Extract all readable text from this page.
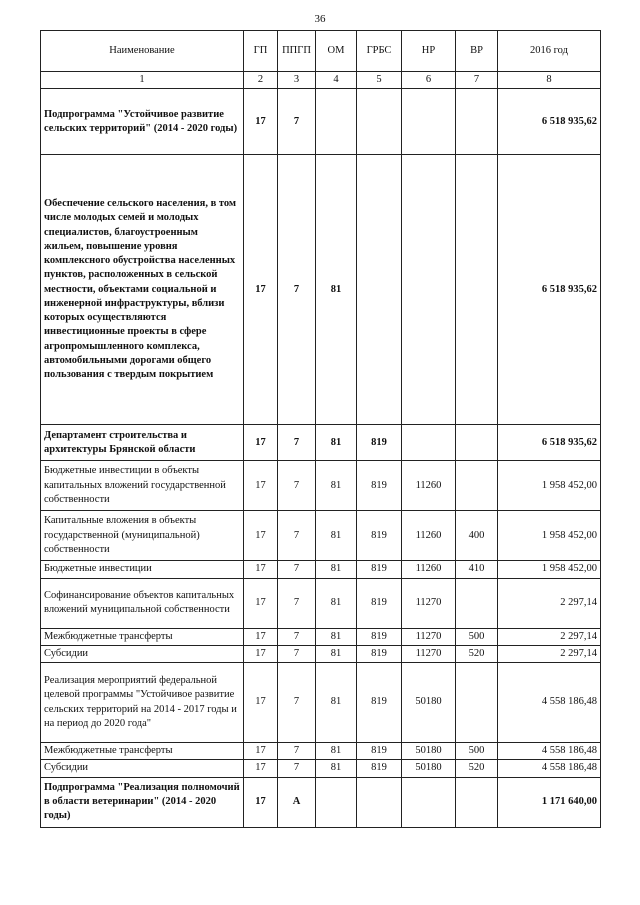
36
Наименование	ГП	ППГП	ОМ	ГРБС	НР	ВР	2016 год
1	2	3	4	5	6	7	8
Подпрограмма "Устойчивое развитие сельских территорий" (2014 - 2020 годы)	17	7					6 518 935,62
Обеспечение сельского населения, в том числе молодых семей и молодых специалистов, благоустроенным жильем, повышение уровня комплексного обустройства населенных пунктов, расположенных в сельской местности, объектами социальной и инженерной инфраструктуры, вблизи которых осуществляются инвестиционные проекты в сфере агропромышленного комплекса, автомобильными дорогами общего пользования с твердым покрытием	17	7	81				6 518 935,62
Департамент строительства и архитектуры Брянской области	17	7	81	819			6 518 935,62
Бюджетные инвестиции в объекты капитальных вложений государственной собственности	17	7	81	819	11260		1 958 452,00
Капитальные вложения в объекты государственной (муниципальной) собственности	17	7	81	819	11260	400	1 958 452,00
Бюджетные инвестиции	17	7	81	819	11260	410	1 958 452,00
Софинансирование объектов капитальных вложений муниципальной собственности	17	7	81	819	11270		2 297,14
Межбюджетные трансферты	17	7	81	819	11270	500	2 297,14
Субсидии	17	7	81	819	11270	520	2 297,14
Реализация мероприятий федеральной целевой программы "Устойчивое развитие сельских территорий на 2014 - 2017 годы и на период до 2020 года"	17	7	81	819	50180		4 558 186,48
Межбюджетные трансферты	17	7	81	819	50180	500	4 558 186,48
Субсидии	17	7	81	819	50180	520	4 558 186,48
Подпрограмма "Реализация полномочий в области ветеринарии" (2014 - 2020 годы)	17	А					1 171 640,00
